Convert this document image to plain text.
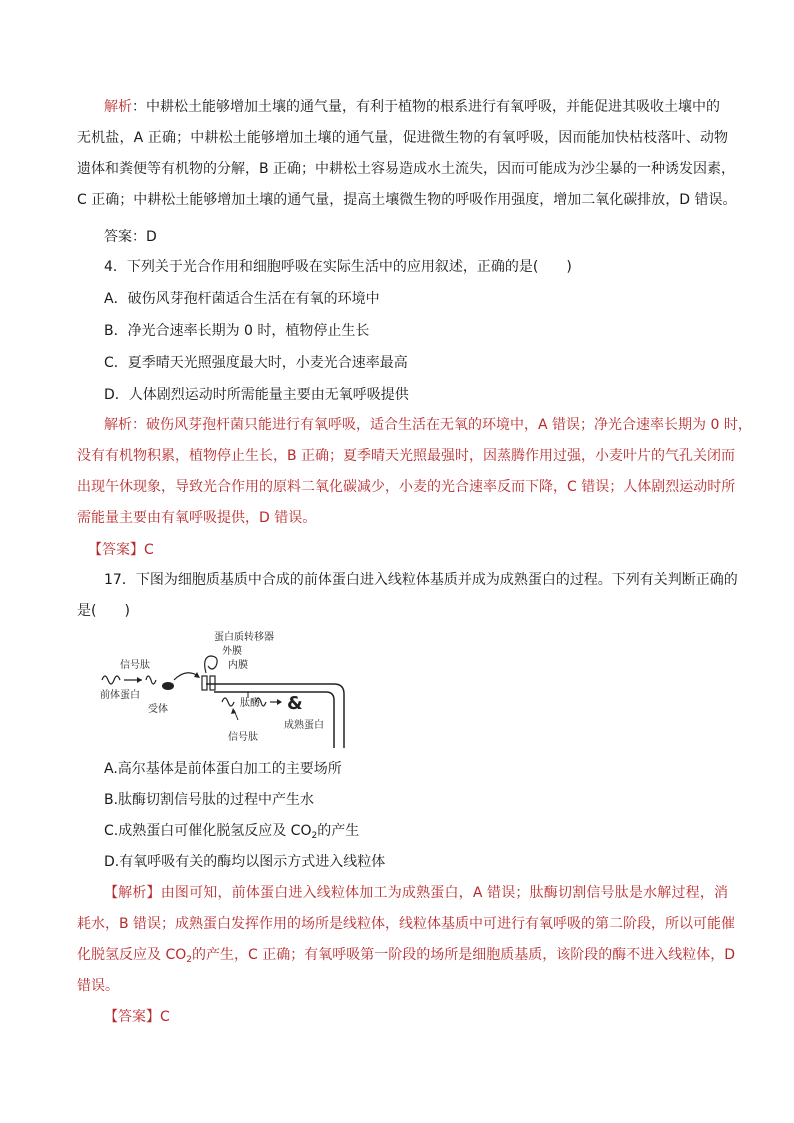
解析：中耕松土能够增加土壤的通气量，有利于植物的根系进行有氧呼吸，并能促进其吸收土壤中的
无机盐，A 正确；中耕松土能够增加土壤的通气量，促进微生物的有氧呼吸，因而能加快枯枝落叶、动物
遗体和粪便等有机物的分解，B 正确；中耕松土容易造成水土流失，因而可能成为沙尘暴的一种诱发因素，
C 正确；中耕松土能够增加土壤的通气量，提高土壤微生物的呼吸作用强度，增加二氧化碳排放，D 错误。
答案：D
4．下列关于光合作用和细胞呼吸在实际生活中的应用叙述，正确的是(　　)
A．破伤风芽孢杆菌适合生活在有氧的环境中
B．净光合速率长期为 0 时，植物停止生长
C．夏季晴天光照强度最大时，小麦光合速率最高
D．人体剧烈运动时所需能量主要由无氧呼吸提供
解析：破伤风芽孢杆菌只能进行有氧呼吸，适合生活在无氧的环境中，A 错误；净光合速率长期为 0 时，
没有有机物积累，植物停止生长，B 正确；夏季晴天光照最强时，因蒸腾作用过强，小麦叶片的气孔关闭而
出现午休现象，导致光合作用的原料二氧化碳减少，小麦的光合速率反而下降，C 错误；人体剧烈运动时所
需能量主要由有氧呼吸提供，D 错误。
【答案】C
17．下图为细胞质基质中合成的前体蛋白进入线粒体基质并成为成熟蛋白的过程。下列有关判断正确的
是(　　)
&
蛋白质转移器
外膜
内膜
信号肽
前体蛋白
受体
肽酶
成熟蛋白
信号肽
A.高尔基体是前体蛋白加工的主要场所
B.肽酶切割信号肽的过程中产生水
C.成熟蛋白可催化脱氢反应及 $CO_2$的产生
D.有氧呼吸有关的酶均以图示方式进入线粒体
【解析】由图可知，前体蛋白进入线粒体加工为成熟蛋白，A 错误；肽酶切割信号肽是水解过程，消
耗水，B 错误；成熟蛋白发挥作用的场所是线粒体，线粒体基质中可进行有氧呼吸的第二阶段，所以可能催
化脱氢反应及 $CO_2$的产生，C 正确；有氧呼吸第一阶段的场所是细胞质基质，该阶段的酶不进入线粒体，D
错误。
【答案】C
